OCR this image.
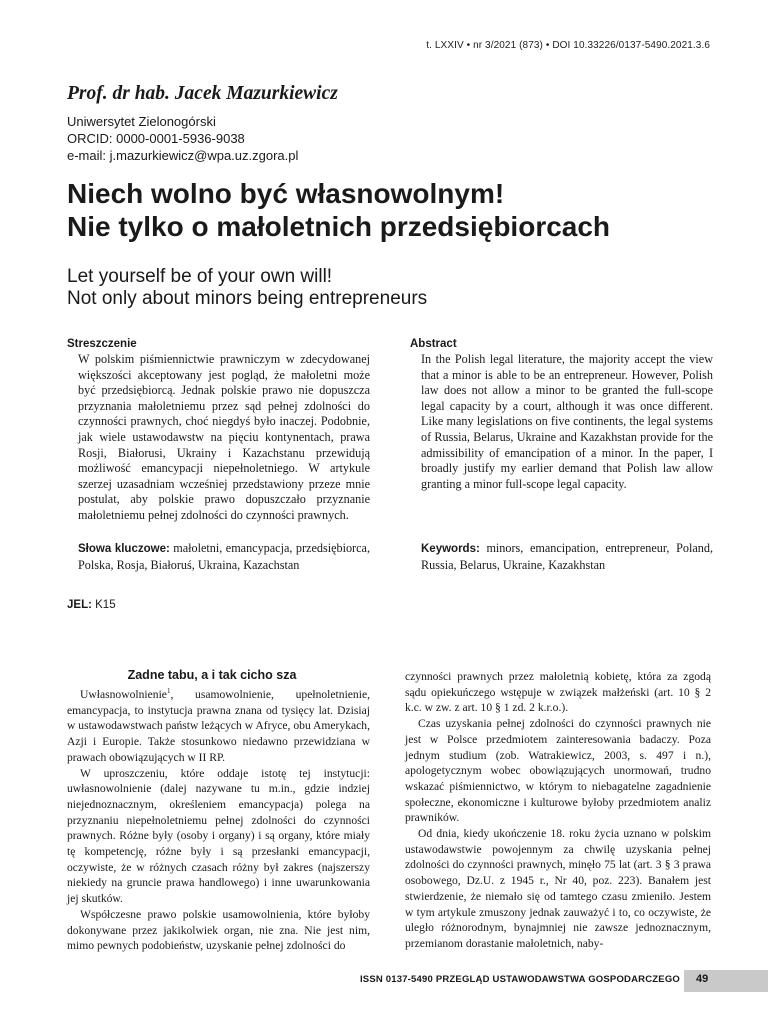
t. LXXIV • nr 3/2021 (873) • DOI 10.33226/0137-5490.2021.3.6
Prof. dr hab. Jacek Mazurkiewicz
Uniwersytet Zielonogórski
ORCID: 0000-0001-5936-9038
e-mail: j.mazurkiewicz@wpa.uz.zgora.pl
Niech wolno być własnowolnym!
Nie tylko o małoletnich przedsiębiorcach
Let yourself be of your own will!
Not only about minors being entrepreneurs
Streszczenie
W polskim piśmiennictwie prawniczym w zdecydowanej większości akceptowany jest pogląd, że małoletni może być przedsiębiorcą. Jednak polskie prawo nie dopuszcza przyznania małoletniemu przez sąd pełnej zdolności do czynności prawnych, choć niegdyś było inaczej. Podobnie, jak wiele ustawodawstw na pięciu kontynentach, prawa Rosji, Białorusi, Ukrainy i Kazachstanu przewidują możliwość emancypacji niepełnoletniego. W artykule szerzej uzasadniam wcześniej przedstawiony przeze mnie postulat, aby polskie prawo dopuszczało przyznanie małoletniemu pełnej zdolności do czynności prawnych.
Słowa kluczowe: małoletni, emancypacja, przedsiębiorca, Polska, Rosja, Białoruś, Ukraina, Kazachstan
Abstract
In the Polish legal literature, the majority accept the view that a minor is able to be an entrepreneur. However, Polish law does not allow a minor to be granted the full-scope legal capacity by a court, although it was once different. Like many legislations on five continents, the legal systems of Russia, Belarus, Ukraine and Kazakhstan provide for the admissibility of emancipation of a minor. In the paper, I broadly justify my earlier demand that Polish law allow granting a minor full-scope legal capacity.
Keywords: minors, emancipation, entrepreneur, Poland, Russia, Belarus, Ukraine, Kazakhstan
JEL: K15
Zadne tabu, a i tak cicho sza

Uwłasnowolnienie$^1$, usamowolnienie, upełnoletnienie, emancypacja, to instytucja prawna znana od tysięcy lat. Dzisiaj w ustawodawstwach państw leżących w Afryce, obu Amerykach, Azji i Europie. Także stosunkowo niedawno przewidziana w prawach obowiązujących w II RP.

W uproszczeniu, które oddaje istotę tej instytucji: uwłasnowolnienie (dalej nazywane tu m.in., gdzie indziej niejednoznacznym, określeniem emancypacja) polega na przyznaniu niepełnoletniemu pełnej zdolności do czynności prawnych. Różne były (osoby i organy) i są organy, które miały tę kompetencję, różne były i są przesłanki emancypacji, oczywiste, że w różnych czasach różny był zakres (najszerszy niekiedy na gruncie prawa handlowego) i inne uwarunkowania jej skutków.

Współczesne prawo polskie usamowolnienia, które byłoby dokonywane przez jakikolwiek organ, nie zna. Nie jest nim, mimo pewnych podobieństw, uzyskanie pełnej zdolności do

czynności prawnych przez małoletnią kobietę, która za zgodą sądu opiekuńczego wstępuje w związek małżeński (art. 10 § 2 k.c. w zw. z art. 10 § 1 zd. 2 k.r.o.).

Czas uzyskania pełnej zdolności do czynności prawnych nie jest w Polsce przedmiotem zainteresowania badaczy. Poza jednym studium (zob. Watrakiewicz, 2003, s. 497 i n.), apologetycznym wobec obowiązujących unormowań, trudno wskazać piśmiennictwo, w którym to niebagatelne zagadnienie społeczne, ekonomiczne i kulturowe byłoby przedmiotem analiz prawników.

Od dnia, kiedy ukończenie 18. roku życia uznano w polskim ustawodawstwie powojennym za chwilę uzyskania pełnej zdolności do czynności prawnych, minęło 75 lat (art. 3 § 3 prawa osobowego, Dz.U. z 1945 r., Nr 40, poz. 223). Banałem jest stwierdzenie, że niemało się od tamtego czasu zmieniło. Jestem w tym artykule zmuszony jednak zauważyć i to, co oczywiste, że uległo różnorodnym, bynajmniej nie zawsze jednoznacznym, przemianom dorastanie małoletnich, naby-

ISSN 0137-5490 PRZEGLĄD USTAWODAWSTWA GOSPODARCZEGO 49
